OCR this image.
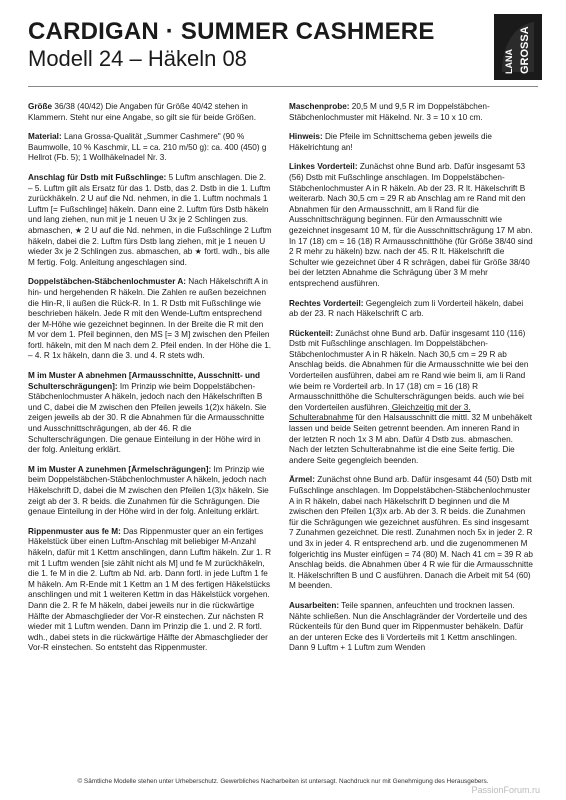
CARDIGAN · SUMMER CASHMERE
Modell 24 – Häkeln 08	LANA GROSSA

Größe 36/38 (40/42) Die Angaben für Größe 40/42 stehen in Klammern. Steht nur eine Angabe, so gilt sie für beide Größen.

Material: Lana Grossa-Qualität „Summer Cashmere" (90 % Baumwolle, 10 % Kaschmir, LL = ca. 210 m/50 g): ca. 400 (450) g Hellrot (Fb. 5); 1 Wollhäkelnadel Nr. 3.

Anschlag für Dstb mit Fußschlinge: 5 Luftm anschlagen. Die 2. – 5. Luftm gilt als Ersatz für das 1. Dstb, das 2. Dstb in die 1. Luftm zurückhäkeln. 2 U auf die Nd. nehmen, in die 1. Luftm nochmals 1 Luftm [= Fußschlinge] häkeln. Dann eine 2. Luftm fürs Dstb häkeln und lang ziehen, nun mit je 1 neuen U 3x je 2 Schlingen zus. abmaschen, ★ 2 U auf die Nd. nehmen, in die Fußschlinge 2 Luftm häkeln, dabei die 2. Luftm fürs Dstb lang ziehen, mit je 1 neuen U wieder 3x je 2 Schlingen zus. abmaschen, ab ★ fortl. wdh., bis alle M fertig. Folg. Anleitung angeschlagen sind.

Doppelstäbchen-Stäbchenlochmuster A: Nach Häkelschrift A in hin- und hergehenden R häkeln. Die Zahlen re außen bezeichnen die Hin-R, li außen die Rück-R. In 1. R Dstb mit Fußschlinge wie beschrieben häkeln. Jede R mit den Wende-Luftm entsprechend der M-Höhe wie gezeichnet beginnen. In der Breite die R mit den M vor dem 1. Pfeil beginnen, den MS [= 3 M] zwischen den Pfeilen fortl. häkeln, mit den M nach dem 2. Pfeil enden. In der Höhe die 1. – 4. R 1x häkeln, dann die 3. und 4. R stets wdh.

M im Muster A abnehmen [Armausschnitte, Ausschnitt- und Schulterschrägungen]: Im Prinzip wie beim Doppelstäbchen-Stäbchenlochmuster A häkeln, jedoch nach den Häkelschriften B und C, dabei die M zwischen den Pfeilen jeweils 1(2)x häkeln. Sie zeigen jeweils ab der 30. R die Abnahmen für die Armausschnitte und Ausschnittschrägungen, ab der 46. R die Schulterschrägungen. Die genaue Einteilung in der Höhe wird in der folg. Anleitung erklärt.

M im Muster A zunehmen [Ärmelschrägungen]: Im Prinzip wie beim Doppelstäbchen-Stäbchenlochmuster A häkeln, jedoch nach Häkelschrift D, dabei die M zwischen den Pfeilen 1(3)x häkeln. Sie zeigt ab der 3. R beids. die Zunahmen für die Schrägungen. Die genaue Einteilung in der Höhe wird in der folg. Anleitung erklärt.

Rippenmuster aus fe M: Das Rippenmuster quer an ein fertiges Häkelstück über einen Luftm-Anschlag mit beliebiger M-Anzahl häkeln, dafür mit 1 Kettm anschlingen, dann Luftm häkeln. Zur 1. R mit 1 Luftm wenden [sie zählt nicht als M] und fe M zurückhäkeln, die 1. fe M in die 2. Luftm ab Nd. arb. Dann fortl. in jede Luftm 1 fe M häkeln. Am R-Ende mit 1 Kettm an 1 M des fertigen Häkelstücks anschlingen und mit 1 weiteren Kettm in das Häkelstück vorgehen. Dann die 2. R fe M häkeln, dabei jeweils nur in die rückwärtige Hälfte der Abmaschglieder der Vor-R einstechen. Zur nächsten R wieder mit 1 Luftm wenden. Dann im Prinzip die 1. und 2. R fortl. wdh., dabei stets in die rückwärtige Hälfte der Abmaschglieder der Vor-R einstechen. So entsteht das Rippenmuster.

Maschenprobe: 20,5 M und 9,5 R im Doppelstäbchen-Stäbchenlochmuster mit Häkelnd. Nr. 3 = 10 x 10 cm.

Hinweis: Die Pfeile im Schnittschema geben jeweils die Häkelrichtung an!

Linkes Vorderteil: Zunächst ohne Bund arb. Dafür insgesamt 53 (56) Dstb mit Fußschlinge anschlagen. Im Doppelstäbchen-Stäbchenlochmuster A in R häkeln. Ab der 23. R lt. Häkelschrift B weiterarb. Nach 30,5 cm = 29 R ab Anschlag am re Rand mit den Abnahmen für den Armausschnitt, am li Rand für die Ausschnittschrägung beginnen. Für den Armausschnitt wie gezeichnet insgesamt 10 M, für die Ausschnittschrägung 17 M abn. In 17 (18) cm = 16 (18) R Armausschnitthöhe (für Größe 38/40 sind 2 R mehr zu häkeln) bzw. nach der 45. R lt. Häkelschrift die Schulter wie gezeichnet über 4 R schrägen, dabei für Größe 38/40 bei der letzten Abnahme die Schrägung über 3 M mehr entsprechend ausführen.

Rechtes Vorderteil: Gegengleich zum li Vorderteil häkeln, dabei ab der 23. R nach Häkelschrift C arb.

Rückenteil: Zunächst ohne Bund arb. Dafür insgesamt 110 (116) Dstb mit Fußschlinge anschlagen. Im Doppelstäbchen-Stäbchenlochmuster A in R häkeln. Nach 30,5 cm = 29 R ab Anschlag beids. die Abnahmen für die Armausschnitte wie bei den Vorderteilen ausführen, dabei am re Rand wie beim li, am li Rand wie beim re Vorderteil arb. In 17 (18) cm = 16 (18) R Armausschnitthöhe die Schulterschrägungen beids. auch wie bei den Vorderteilen ausführen. Gleichzeitig mit der 3. Schulterabnahme für den Halsausschnitt die mittl. 32 M unbehäkelt lassen und beide Seiten getrennt beenden. Am inneren Rand in der letzten R noch 1x 3 M abn. Dafür 4 Dstb zus. abmaschen. Nach der letzten Schulterabnahme ist die eine Seite fertig. Die andere Seite gegengleich beenden.

Ärmel: Zunächst ohne Bund arb. Dafür insgesamt 44 (50) Dstb mit Fußschlinge anschlagen. Im Doppelstäbchen-Stäbchenlochmuster A in R häkeln, dabei nach Häkelschrift D beginnen und die M zwischen den Pfeilen 1(3)x arb. Ab der 3. R beids. die Zunahmen für die Schrägungen wie gezeichnet ausführen. Es sind insgesamt 7 Zunahmen gezeichnet. Die restl. Zunahmen noch 5x in jeder 2. R und 3x in jeder 4. R entsprechend arb. und die zugenommenen M folgerichtig ins Muster einfügen = 74 (80) M. Nach 41 cm = 39 R ab Anschlag beids. die Abnahmen über 4 R wie für die Armausschnitte lt. Häkelschriften B und C ausführen. Danach die Arbeit mit 54 (60) M beenden.

Ausarbeiten: Teile spannen, anfeuchten und trocknen lassen. Nähte schließen. Nun die Anschlagränder der Vorderteile und des Rückenteils für den Bund quer im Rippenmuster behäkeln. Dafür an der unteren Ecke des li Vorderteils mit 1 Kettm anschlingen. Dann 9 Luftm + 1 Luftm zum Wenden

© Sämtliche Modelle stehen unter Urheberschutz. Gewerbliches Nacharbeiten ist untersagt. Nachdruck nur mit Genehmigung des Herausgebers.
PassionForum.ru
